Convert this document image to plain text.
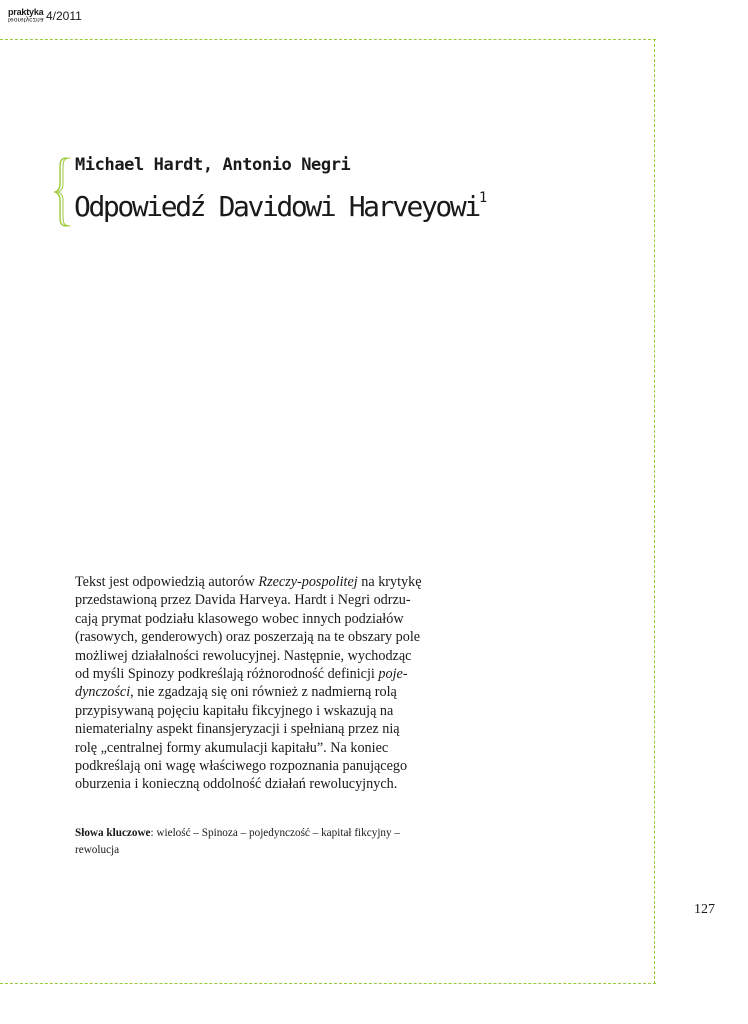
praktyka
teoretyczna 4/2011
Michael Hardt, Antonio Negri
Odpowiedź Davidowi Harveyowi$^1$
Tekst jest odpowiedzią autorów Rzeczy-pospolitej na krytykę
przedstawioną przez Davida Harveya. Hardt i Negri odrzu-
cają prymat podziału klasowego wobec innych podziałów
(rasowych, genderowych) oraz poszerzają na te obszary pole
możliwej działalności rewolucyjnej. Następnie, wychodząc
od myśli Spinozy podkreślają różnorodność definicji poje-
dynczości, nie zgadzają się oni również z nadmierną rolą
przypisywaną pojęciu kapitału fikcyjnego i wskazują na
niematerialny aspekt finansjeryzacji i spełnianą przez nią
rolę „centralnej formy akumulacji kapitału”. Na koniec
podkreślają oni wagę właściwego rozpoznania panującego
oburzenia i konieczną oddolność działań rewolucyjnych.
Słowa kluczowe: wielość – Spinoza – pojedynczość – kapitał fikcyjny –
rewolucja
127
